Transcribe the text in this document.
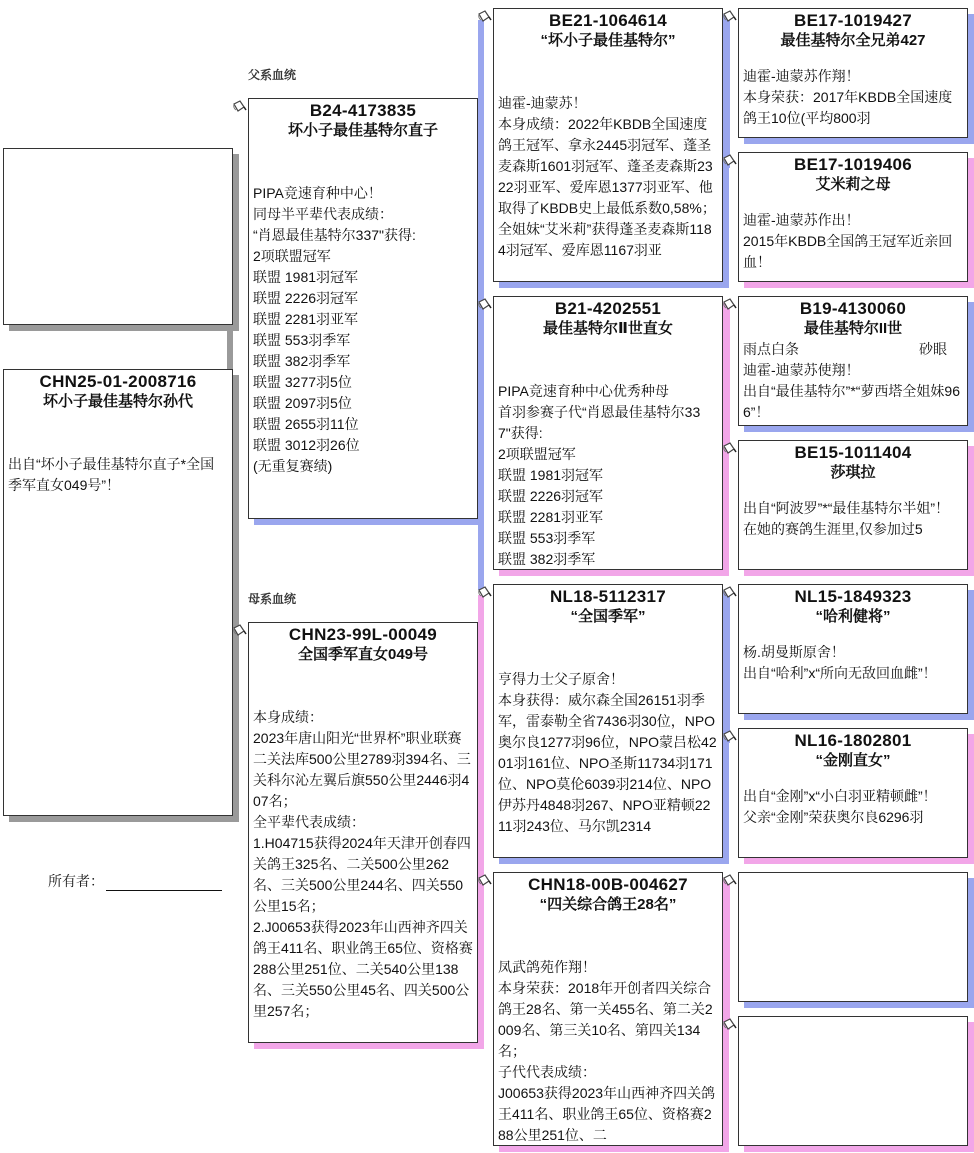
CHN25-01-2008716
坏小子最佳基特尔孙代
出自“坏小子最佳基特尔直子*全国季军直女049号”！
所有者：
父系血统
母系血统
B24-4173835
坏小子最佳基特尔直子
PIPA竞速育种中心！
同母半平辈代表成绩：
“肖恩最佳基特尔337"获得:
2项联盟冠军
联盟 1981羽冠军
联盟 2226羽冠军
联盟 2281羽亚军
联盟 553羽季军
联盟 382羽季军
联盟 3277羽5位
联盟 2097羽5位
联盟 2655羽11位
联盟 3012羽26位
(无重复赛绩)
CHN23-99L-00049
全国季军直女049号
本身成绩：
2023年唐山阳光“世界杯”职业联赛二关法库500公里2789羽394名、三关科尔沁左翼后旗550公里2446羽407名；
全平辈代表成绩：
1.H04715获得2024年天津开创春四关鸽王325名、二关500公里262名、三关500公里244名、四关550公里15名；
2.J00653获得2023年山西神齐四关鸽王411名、职业鸽王65位、资格赛288公里251位、二关540公里138名、三关550公里45名、四关500公里257名；
BE21-1064614
“坏小子最佳基特尔”
迪霍-迪蒙苏！
本身成绩：2022年KBDB全国速度鸽王冠军、拿永2445羽冠军、蓬圣麦森斯1601羽冠军、蓬圣麦森斯2322羽亚军、爱库恩1377羽亚军、他取得了KBDB史上最低系数0,58%；
全姐妹“艾米莉”获得蓬圣麦森斯1184羽冠军、爱库恩1167羽亚
B21-4202551
最佳基特尔Ⅱ世直女
PIPA竞速育种中心优秀种母
首羽参赛子代“肖恩最佳基特尔337"获得:
2项联盟冠军
联盟 1981羽冠军
联盟 2226羽冠军
联盟 2281羽亚军
联盟 553羽季军
联盟 382羽季军
NL18-5112317
“全国季军”
亨得力士父子原舍！
本身获得：威尔森全国26151羽季军，雷泰勒全省7436羽30位，NPO奥尔良1277羽96位，NPO蒙吕松4201羽161位、NPO圣斯11734羽171位、NPO莫伦6039羽214位、NPO伊苏丹4848羽267、NPO亚精顿2211羽243位、马尔凯2314
CHN18-00B-004627
“四关综合鸽王28名”
凤武鸽苑作翔！
本身荣获：2018年开创者四关综合鸽王28名、第一关455名、第二关2009名、第三关10名、第四关134名；
子代代表成绩：
J00653获得2023年山西神齐四关鸽王411名、职业鸽王65位、资格赛288公里251位、二
BE17-1019427
最佳基特尔全兄弟427
迪霍-迪蒙苏作翔！
本身荣获：2017年KBDB全国速度鸽王10位(平均800羽
BE17-1019406
艾米莉之母
迪霍-迪蒙苏作出！
2015年KBDB全国鸽王冠军近亲回血！
B19-4130060
最佳基特尔II世
雨点白条	砂眼
迪霍-迪蒙苏使翔！
出自“最佳基特尔”*“萝西塔全姐妹966”！
BE15-1011404
莎琪拉
出自“阿波罗”*“最佳基特尔半姐”！
在她的赛鸽生涯里,仅参加过5
NL15-1849323
“哈利健将”
杨.胡曼斯原舍！
出自“哈利”x“所向无敌回血雌”！
NL16-1802801
“金刚直女”
出自“金刚”x“小白羽亚精顿雌”！
父亲“金刚”荣获奥尔良6296羽
